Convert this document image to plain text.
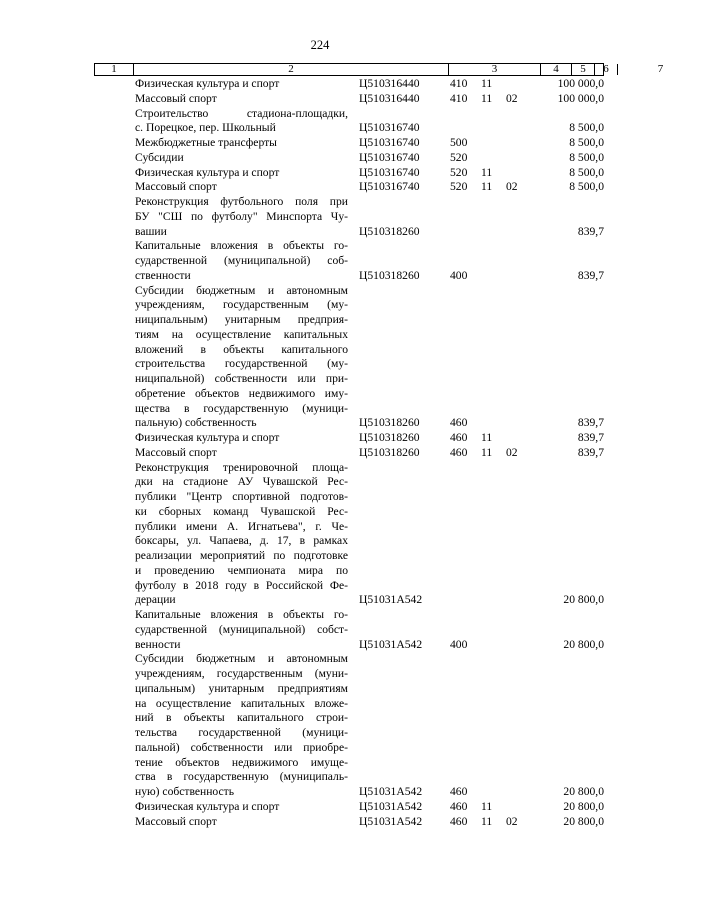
224
1	2	3	4	5	6	7
Физическая культура и спорт	Ц510316440	410 11	100 000,0
Массовый спорт	Ц510316440	410 11 02	100 000,0
Строительство стадиона-площадки,
с. Порецкое, пер. Школьный	Ц510316740	8 500,0
Межбюджетные трансферты	Ц510316740	500	8 500,0
Субсидии	Ц510316740	520	8 500,0
Физическая культура и спорт	Ц510316740	520 11	8 500,0
Массовый спорт	Ц510316740	520 11 02	8 500,0
Реконструкция футбольного поля при
БУ "СШ по футболу" Минспорта Чу-
вашии	Ц510318260	839,7
Капитальные вложения в объекты го-
сударственной (муниципальной) соб-
ственности	Ц510318260	400	839,7
Субсидии бюджетным и автономным
учреждениям, государственным (му-
ниципальным) унитарным предприя-
тиям на осуществление капитальных
вложений в объекты капитального
строительства государственной (му-
ниципальной) собственности или при-
обретение объектов недвижимого иму-
щества в государственную (муници-
пальную) собственность	Ц510318260	460	839,7
Физическая культура и спорт	Ц510318260	460 11	839,7
Массовый спорт	Ц510318260	460 11 02	839,7
Реконструкция тренировочной площа-
дки на стадионе АУ Чувашской Рес-
публики "Центр спортивной подготов-
ки сборных команд Чувашской Рес-
публики имени А. Игнатьева", г. Че-
боксары, ул. Чапаева, д. 17, в рамках
реализации мероприятий по подготовке
и проведению чемпионата мира по
футболу в 2018 году в Российской Фе-
дерации	Ц51031А542	20 800,0
Капитальные вложения в объекты го-
сударственной (муниципальной) собст-
венности	Ц51031А542 400	20 800,0
Субсидии бюджетным и автономным
учреждениям, государственным (муни-
ципальным) унитарным предприятиям
на осуществление капитальных вложе-
ний в объекты капитального строи-
тельства государственной (муници-
пальной) собственности или приобре-
тение объектов недвижимого имуще-
ства в государственную (муниципаль-
ную) собственность	Ц51031А542 460	20 800,0
Физическая культура и спорт	Ц51031А542 460 11	20 800,0
Массовый спорт	Ц51031А542 460 11 02	20 800,0
